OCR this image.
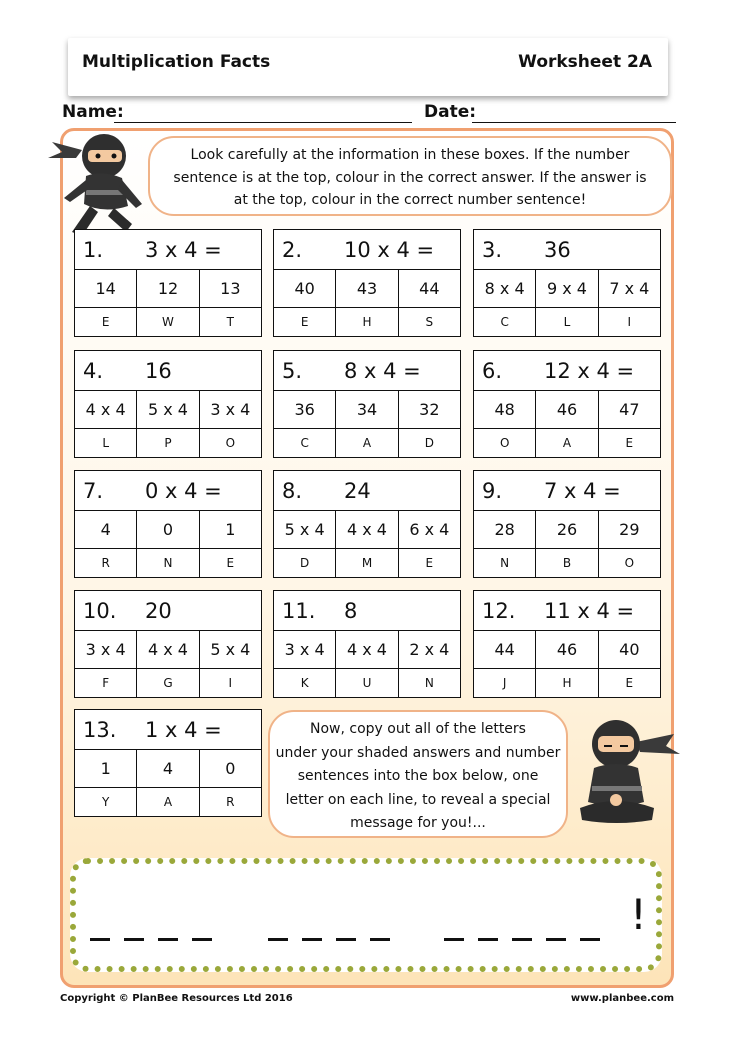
Multiplication Facts	Worksheet 2A
Name:	Date:
Look carefully at the information in these boxes. If the number
sentence is at the top, colour in the correct answer. If the answer is
at the top, colour in the correct number sentence!
1. 3 x 4 =
14	12	13
E	W	T
2. 10 x 4 =
40	43	44
E	H	S
3. 36
8 x 4	9 x 4	7 x 4
C	L	I
4. 16
4 x 4	5 x 4	3 x 4
L	P	O
5. 8 x 4 =
36	34	32
C	A	D
6. 12 x 4 =
48	46	47
O	A	E
7. 0 x 4 =
4	0	1
R	N	E
8. 24
5 x 4	4 x 4	6 x 4
D	M	E
9. 7 x 4 =
28	26	29
N	B	O
10. 20
3 x 4	4 x 4	5 x 4
F	G	I
11. 8
3 x 4	4 x 4	2 x 4
K	U	N
12. 11 x 4 =
44	46	40
J	H	E
13. 1 x 4 =
1	4	0
Y	A	R
Now, copy out all of the letters
under your shaded answers and number
sentences into the box below, one
letter on each line, to reveal a special
message for you!...
!
Copyright © PlanBee Resources Ltd 2016	www.planbee.com
